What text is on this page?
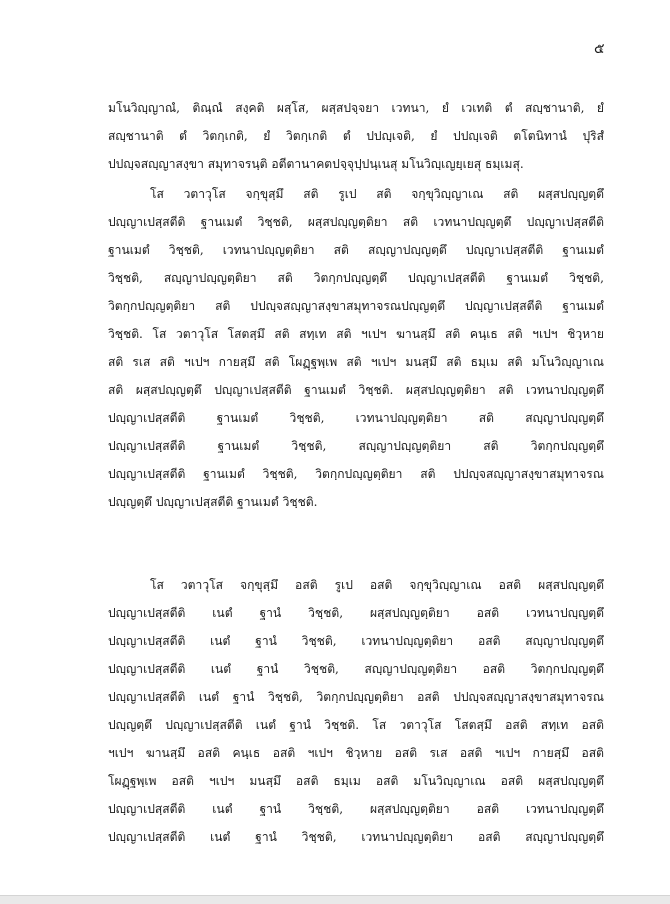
๕

มโนวิญฺญาณํ, ติณฺณํ สงฺคติ ผสฺโส, ผสฺสปจฺจยา เวทนา, ยํ เวเทติ ตํ สญฺชานาติ, ยํ
สญฺชานาติ ตํ วิตกฺเกติ, ยํ วิตกฺเกติ ตํ ปปญฺเจติ, ยํ ปปญฺเจติ ตโตนิทานํ ปุริสํ
ปปญฺจสญฺญาสงฺขา สมุทาจรนฺติ อตีตานาคตปจฺจุปฺปนฺเนสุ มโนวิญฺเญยฺเยสุ ธมฺเมสุ.

โส วตาวุโส จกฺขุสฺมึ สติ รูเป สติ จกฺขุวิญฺญาเณ สติ ผสฺสปญฺญตฺตึ
ปญฺญาเปสฺสตีติ ฐานเมตํ วิชฺชติ, ผสฺสปญฺญตฺติยา สติ เวทนาปญฺญตฺตึ ปญฺญาเปสฺสตีติ
ฐานเมตํ วิชฺชติ, เวทนาปญฺญตฺติยา สติ สญฺญาปญฺญตฺตึ ปญฺญาเปสฺสตีติ ฐานเมตํ
วิชฺชติ, สญฺญาปญฺญตฺติยา สติ วิตกฺกปญฺญตฺตึ ปญฺญาเปสฺสตีติ ฐานเมตํ วิชฺชติ,
วิตกฺกปญฺญตฺติยา สติ ปปญฺจสญฺญาสงฺขาสมุทาจรณปญฺญตฺตึ ปญฺญาเปสฺสตีติ ฐานเมตํ
วิชฺชติ. โส วตาวุโส โสตสฺมึ สติ สทฺเท สติ ฯเปฯ ฆานสฺมึ สติ คนฺเธ สติ ฯเปฯ ชิวฺหาย
สติ รเส สติ ฯเปฯ กายสฺมึ สติ โผฏฺฐพฺเพ สติ ฯเปฯ มนสฺมึ สติ ธมฺเม สติ มโนวิญฺญาเณ
สติ ผสฺสปญฺญตฺตึ ปญฺญาเปสฺสตีติ ฐานเมตํ วิชฺชติ. ผสฺสปญฺญตฺติยา สติ เวทนาปญฺญตฺตึ
ปญฺญาเปสฺสตีติ ฐานเมตํ วิชฺชติ, เวทนาปญฺญตฺติยา สติ สญฺญาปญฺญตฺตึ
ปญฺญาเปสฺสตีติ ฐานเมตํ วิชฺชติ, สญฺญาปญฺญตฺติยา สติ วิตกฺกปญฺญตฺตึ
ปญฺญาเปสฺสตีติ ฐานเมตํ วิชฺชติ, วิตกฺกปญฺญตฺติยา สติ ปปญฺจสญฺญาสงฺขาสมุทาจรณ
ปญฺญตฺตึ ปญฺญาเปสฺสตีติ ฐานเมตํ วิชฺชติ.

โส วตาวุโส จกฺขุสฺมึ อสติ รูเป อสติ จกฺขุวิญฺญาเณ อสติ ผสฺสปญฺญตฺตึ
ปญฺญาเปสฺสตีติ เนตํ ฐานํ วิชฺชติ, ผสฺสปญฺญตฺติยา อสติ เวทนาปญฺญตฺตึ
ปญฺญาเปสฺสตีติ เนตํ ฐานํ วิชฺชติ, เวทนาปญฺญตฺติยา อสติ สญฺญาปญฺญตฺตึ
ปญฺญาเปสฺสตีติ เนตํ ฐานํ วิชฺชติ, สญฺญาปญฺญตฺติยา อสติ วิตกฺกปญฺญตฺตึ
ปญฺญาเปสฺสตีติ เนตํ ฐานํ วิชฺชติ, วิตกฺกปญฺญตฺติยา อสติ ปปญฺจสญฺญาสงฺขาสมุทาจรณ
ปญฺญตฺตึ ปญฺญาเปสฺสตีติ เนตํ ฐานํ วิชฺชติ. โส วตาวุโส โสตสฺมึ อสติ สทฺเท อสติ
ฯเปฯ ฆานสฺมึ อสติ คนฺเธ อสติ ฯเปฯ ชิวฺหาย อสติ รเส อสติ ฯเปฯ กายสฺมึ อสติ
โผฏฺฐพฺเพ อสติ ฯเปฯ มนสฺมึ อสติ ธมฺเม อสติ มโนวิญฺญาเณ อสติ ผสฺสปญฺญตฺตึ
ปญฺญาเปสฺสตีติ เนตํ ฐานํ วิชฺชติ, ผสฺสปญฺญตฺติยา อสติ เวทนาปญฺญตฺตึ
ปญฺญาเปสฺสตีติ เนตํ ฐานํ วิชฺชติ, เวทนาปญฺญตฺติยา อสติ สญฺญาปญฺญตฺตึ
